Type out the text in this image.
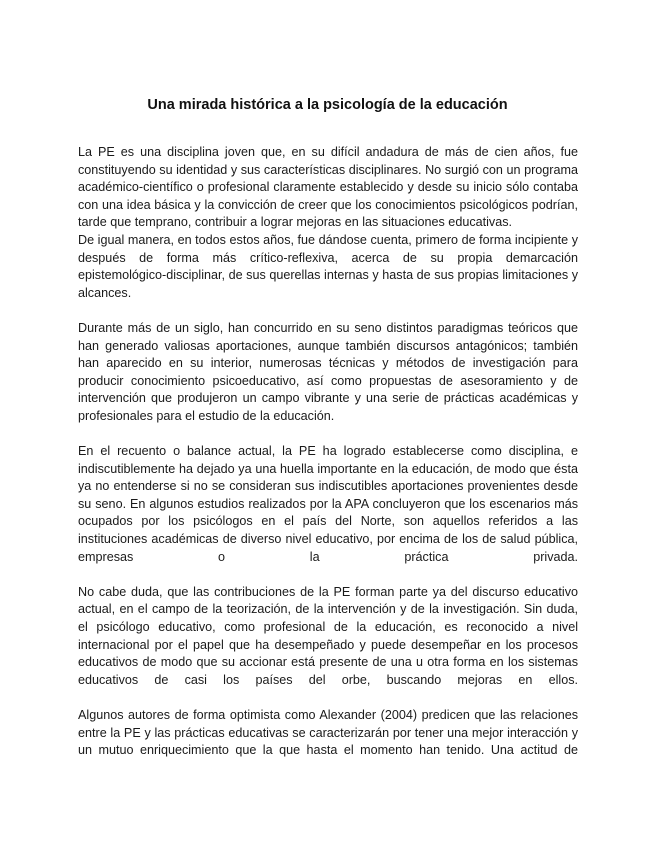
Una mirada histórica a la psicología de la educación

La PE es una disciplina joven que, en su difícil andadura de más de cien años, fue constituyendo su identidad y sus características disciplinares. No surgió con un programa académico-científico o profesional claramente establecido y desde su inicio sólo contaba con una idea básica y la convicción de creer que los conocimientos psicológicos podrían, tarde que temprano, contribuir a lograr mejoras en las situaciones educativas.

De igual manera, en todos estos años, fue dándose cuenta, primero de forma incipiente y después de forma más crítico-reflexiva, acerca de su propia demarcación epistemológico-disciplinar, de sus querellas internas y hasta de sus propias limitaciones y alcances.

Durante más de un siglo, han concurrido en su seno distintos paradigmas teóricos que han generado valiosas aportaciones, aunque también discursos antagónicos; también han aparecido en su interior, numerosas técnicas y métodos de investigación para producir conocimiento psicoeducativo, así como propuestas de asesoramiento y de intervención que produjeron un campo vibrante y una serie de prácticas académicas y profesionales para el estudio de la educación.

En el recuento o balance actual, la PE ha logrado establecerse como disciplina, e indiscutiblemente ha dejado ya una huella importante en la educación, de modo que ésta ya no entenderse si no se consideran sus indiscutibles aportaciones provenientes desde su seno. En algunos estudios realizados por la APA concluyeron que los escenarios más ocupados por los psicólogos en el país del Norte, son aquellos referidos a las instituciones académicas de diverso nivel educativo, por encima de los de salud pública, empresas o la práctica privada.

No cabe duda, que las contribuciones de la PE forman parte ya del discurso educativo actual, en el campo de la teorización, de la intervención y de la investigación. Sin duda, el psicólogo educativo, como profesional de la educación, es reconocido a nivel internacional por el papel que ha desempeñado y puede desempeñar en los procesos educativos de modo que su accionar está presente de una u otra forma en los sistemas educativos de casi los países del orbe, buscando mejoras en ellos.

Algunos autores de forma optimista como Alexander (2004) predicen que las relaciones entre la PE y las prácticas educativas se caracterizarán por tener una mejor interacción y un mutuo enriquecimiento que la que hasta el momento han tenido. Una actitud de
